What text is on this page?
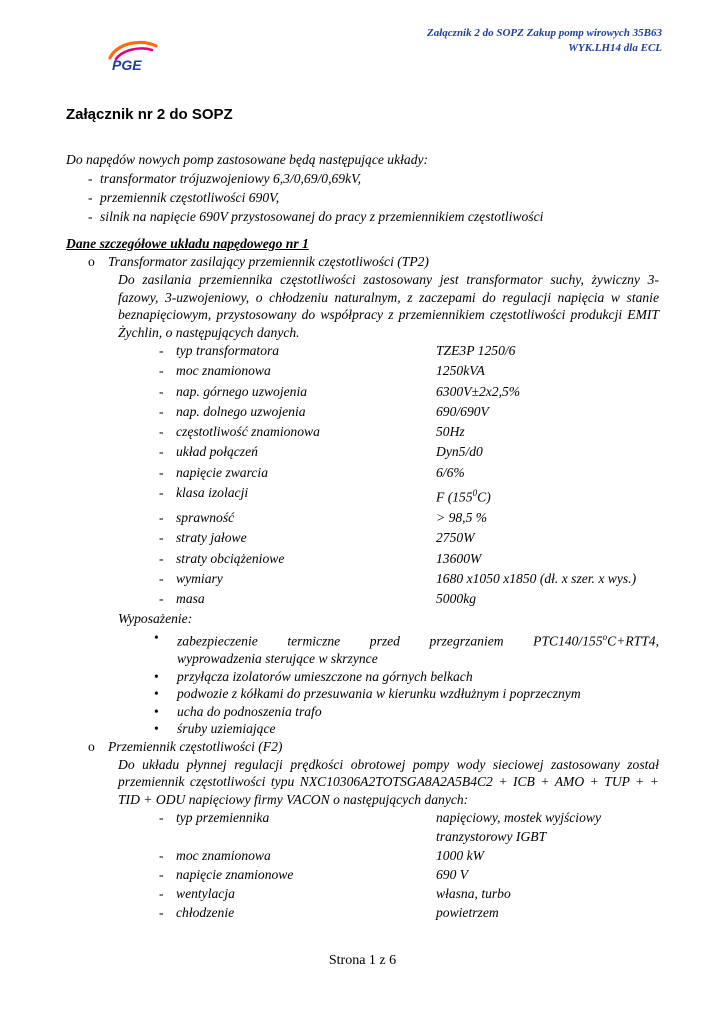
Załącznik 2 do SOPZ Zakup pomp wirowych 35B63
WYK.LH14 dla ECL
PGE
Załącznik nr 2 do SOPZ

Do napędów nowych pomp zastosowane będą następujące układy:

- transformator trójuzwojeniowy 6,3/0,69/0,69kV,
- przemiennik częstotliwości 690V,
- silnik na napięcie 690V przystosowanej do pracy z przemiennikiem częstotliwości
Dane szczegółowe układu napędowego nr 1
o Transformator zasilający przemiennik częstotliwości (TP2)

Do zasilania przemiennika częstotliwości zastosowany jest transformator suchy, żywiczny 3-fazowy, 3-uzwojeniowy, o chłodzeniu naturalnym, z zaczepami do regulacji napięcia w stanie beznapięciowym, przystosowany do współpracy z przemiennikiem częstotliwości produkcji EMIT Żychlin, o następujących danych.

- typ transformatora	TZE3P 1250/6
- moc znamionowa	1250kVA
- nap. górnego uzwojenia	6300V±2x2,5%
- nap. dolnego uzwojenia	690/690V
- częstotliwość znamionowa	50Hz
- układ połączeń	Dyn5/d0
- napięcie zwarcia	6/6%
- klasa izolacji	F $(155^0C)$
- sprawność	> 98,5 %
- straty jałowe	2750W
- straty obciążeniowe	13600W
- wymiary	1680 x1050 x1850 (dł. x szer. x wys.)
- masa	5000kg
Wyposażenie:
•	zabezpieczenie termiczne przed przegrzaniem $PTC140/155^oC+RTT4$,
wyprowadzenia sterujące w skrzynce
•	przyłącza izolatorów umieszczone na górnych belkach
•	podwozie z kółkami do przesuwania w kierunku wzdłużnym i poprzecznym
•	ucha do podnoszenia trafo
•	śruby uziemiające
o Przemiennik częstotliwości (F2)

Do układu płynnej regulacji prędkości obrotowej pompy wody sieciowej zastosowany został przemiennik częstotliwości typu NXC10306A2TOTSGA8A2A5B4C2 + ICB + AMO + TUP + + TID + ODU napięciowy firmy VACON o następujących danych:

- typ przemiennika	napięciowy, mostek wyjściowy
tranzystorowy IGBT
- moc znamionowa	1000 kW
- napięcie znamionowe	690 V
- wentylacja	własna, turbo
- chłodzenie	powietrzem
Strona 1 z 6
